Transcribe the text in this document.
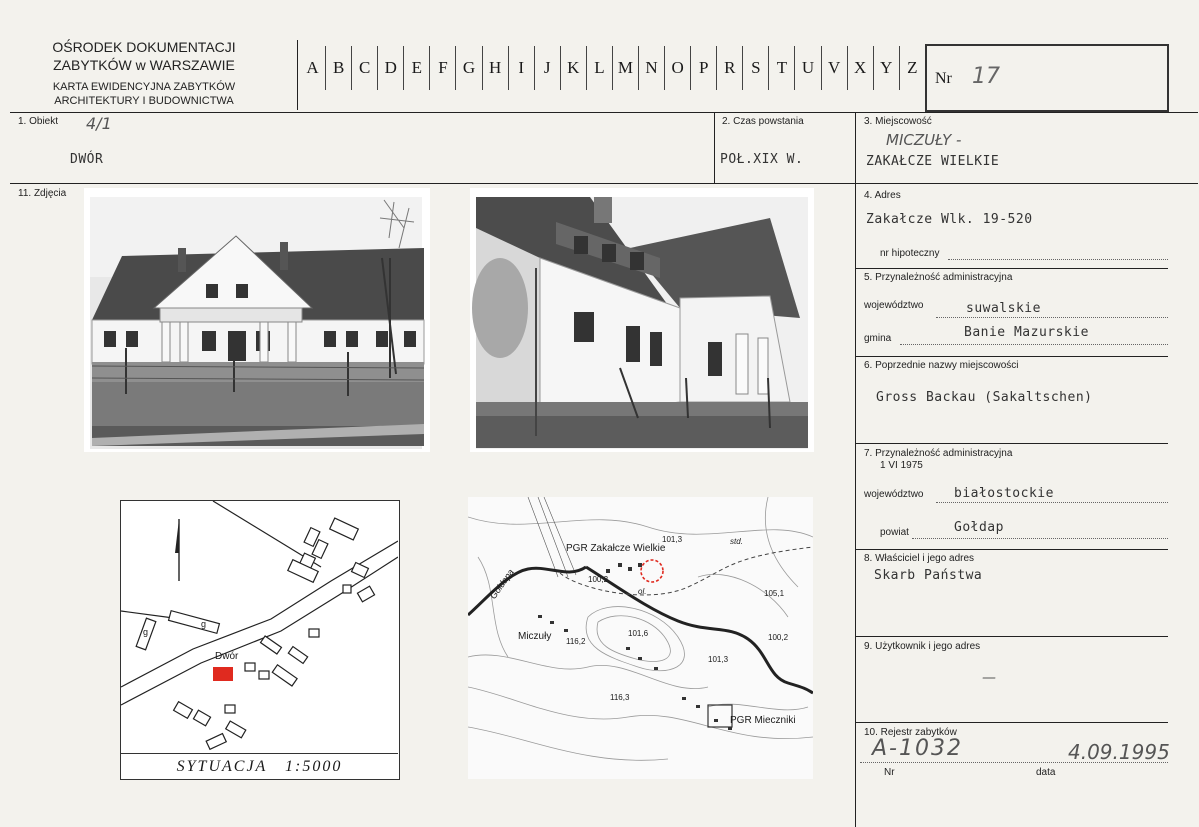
OŚRODEK DOKUMENTACJI
ZABYTKÓW w WARSZAWIE
KARTA EWIDENCYJNA ZABYTKÓW
ARCHITEKTURY I BUDOWNICTWA
A B C D E F G H	I	J K L M N O P R S T U V X Y Z
Nr 17
1. Obiekt 4/1
DWÓR
2. Czas powstania
POŁ.XIX W.
3. Miejscowość
MICZUŁY -
ZAKAŁCZE WIELKIE
11. Zdjęcia	4. Adres
Zakałcze Wlk. 19-520
nr hipoteczny
5. Przynależność administracyjna
województwo	suwalskie
gmina	Banie Mazurskie
6. Poprzednie nazwy miejscowości
Gross Backau (Sakaltschen)
7. Przynależność administracyjna
1 VI 1975
województwo białostockie
powiat	Gołdap
8. Właściciel i jego adres
Skarb Państwa
9. Użytkownik i jego adres
—
10. Rejestr zabytków
A-1032	4.09.1995
Nr	data
Dwór
g
g
SYTUACJA   1:5000
PGR Zakałcze Wielkie
std.
101,3
100,2
ol.	105,1
100,2
101,6
Miczuły 116,2
101,3
116,3
Gołdapa
PGR Mieczniki
